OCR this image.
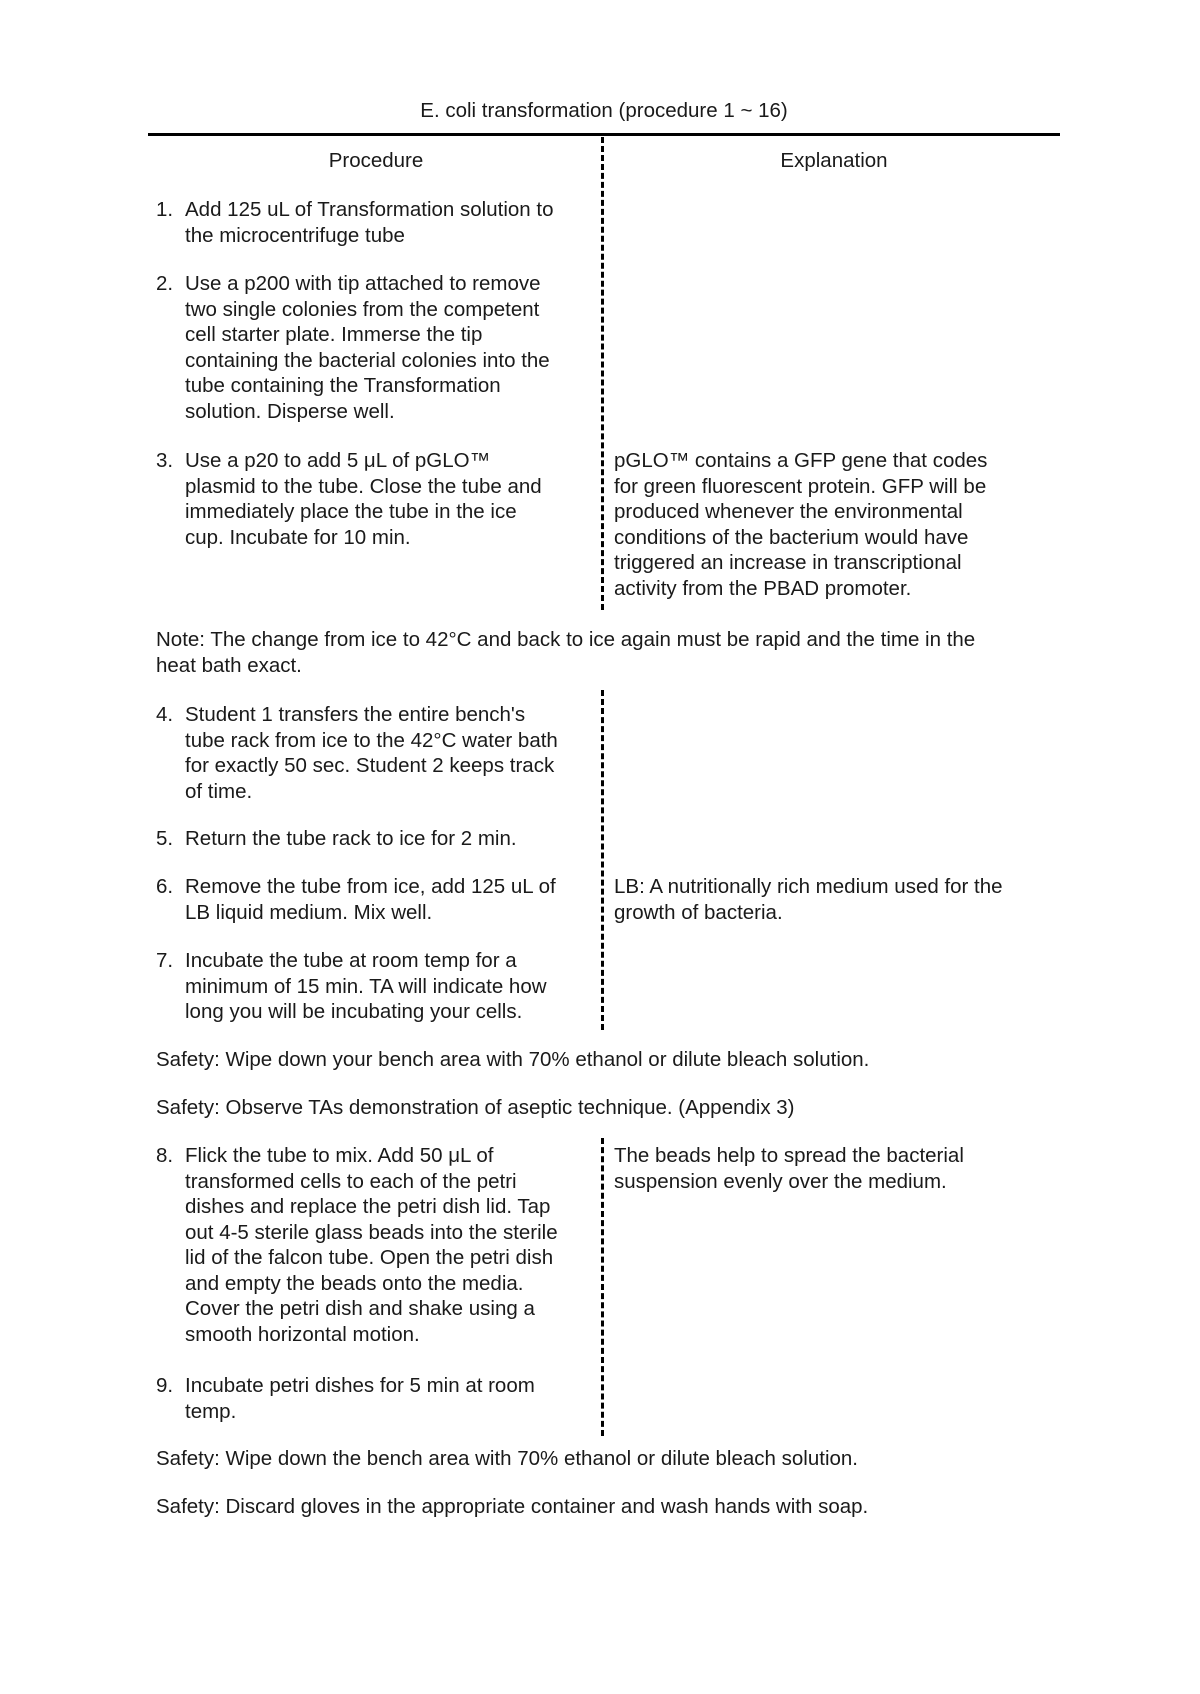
E. coli transformation (procedure 1 ~ 16)
Procedure	Explanation
1. Add 125 uL of Transformation solution to
the microcentrifuge tube
2. Use a p200 with tip attached to remove
two single colonies from the competent
cell starter plate. Immerse the tip
containing the bacterial colonies into the
tube containing the Transformation
solution. Disperse well.
3. Use a p20 to add 5 μL of pGLO™
plasmid to the tube. Close the tube and
immediately place the tube in the ice
cup. Incubate for 10 min.
pGLO™ contains a GFP gene that codes
for green fluorescent protein. GFP will be
produced whenever the environmental
conditions of the bacterium would have
triggered an increase in transcriptional
activity from the PBAD promoter.
Note: The change from ice to 42°C and back to ice again must be rapid and the time in the
heat bath exact.
4. Student 1 transfers the entire bench's
tube rack from ice to the 42°C water bath
for exactly 50 sec. Student 2 keeps track
of time.
5. Return the tube rack to ice for 2 min.
6. Remove the tube from ice, add 125 uL of
LB liquid medium. Mix well.
LB: A nutritionally rich medium used for the
growth of bacteria.
7. Incubate the tube at room temp for a
minimum of 15 min. TA will indicate how
long you will be incubating your cells.
Safety: Wipe down your bench area with 70% ethanol or dilute bleach solution.
Safety: Observe TAs demonstration of aseptic technique. (Appendix 3)
8. Flick the tube to mix. Add 50 μL of
transformed cells to each of the petri
dishes and replace the petri dish lid. Tap
out 4-5 sterile glass beads into the sterile
lid of the falcon tube. Open the petri dish
and empty the beads onto the media.
Cover the petri dish and shake using a
smooth horizontal motion.
The beads help to spread the bacterial
suspension evenly over the medium.
9. Incubate petri dishes for 5 min at room
temp.
Safety: Wipe down the bench area with 70% ethanol or dilute bleach solution.
Safety: Discard gloves in the appropriate container and wash hands with soap.
